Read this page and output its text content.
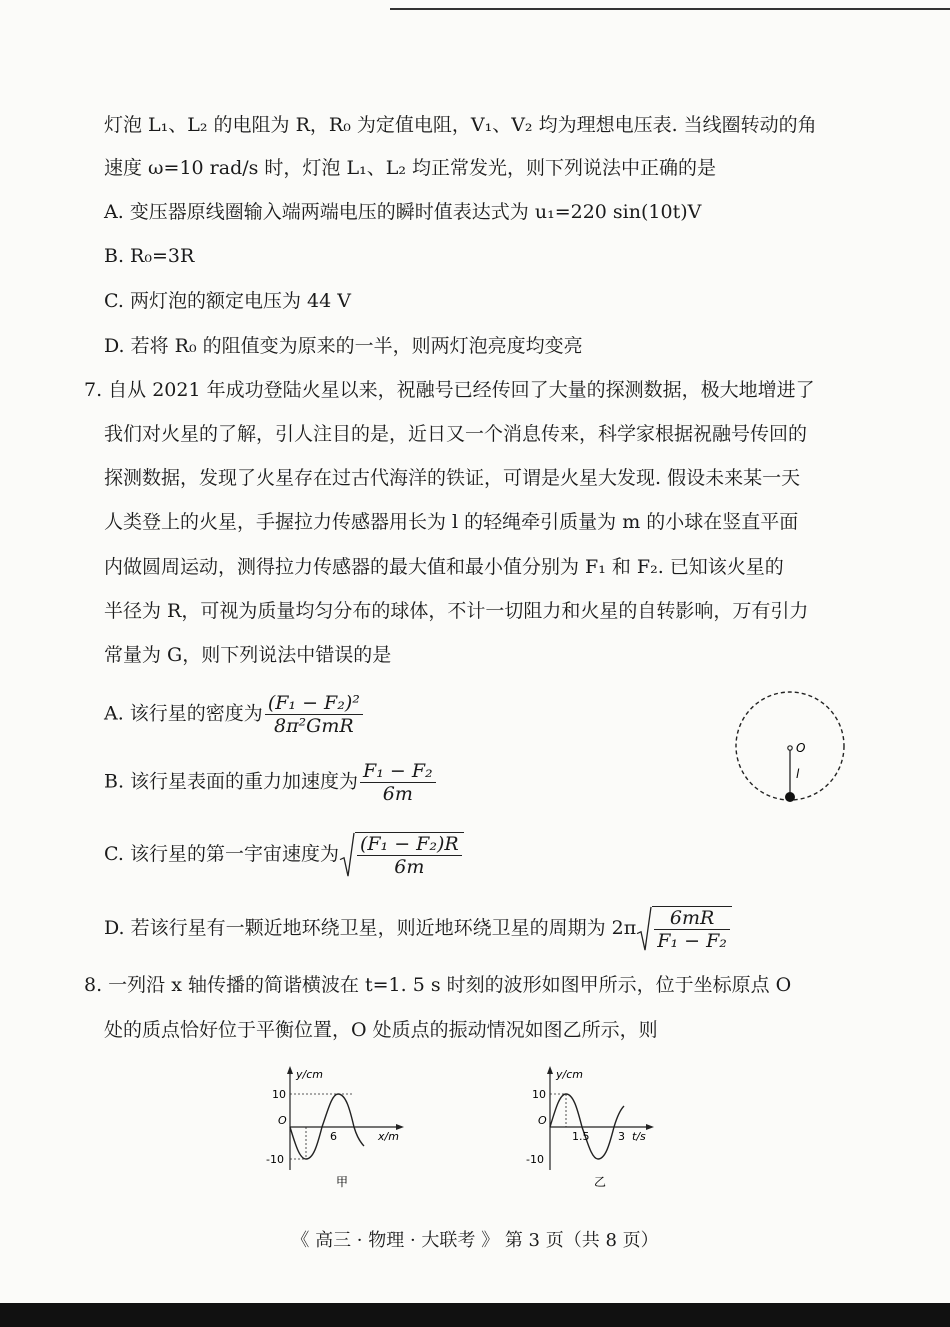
灯泡 L₁、L₂ 的电阻为 R，R₀ 为定值电阻，V₁、V₂ 均为理想电压表. 当线圈转动的角
速度 ω=10 rad/s 时，灯泡 L₁、L₂ 均正常发光，则下列说法中正确的是
A. 变压器原线圈输入端两端电压的瞬时值表达式为 u₁=220 sin(10t)V
B. R₀=3R
C. 两灯泡的额定电压为 44 V
D. 若将 R₀ 的阻值变为原来的一半，则两灯泡亮度均变亮
7. 自从 2021 年成功登陆火星以来，祝融号已经传回了大量的探测数据，极大地增进了
我们对火星的了解，引人注目的是，近日又一个消息传来，科学家根据祝融号传回的
探测数据，发现了火星存在过古代海洋的铁证，可谓是火星大发现. 假设未来某一天
人类登上的火星，手握拉力传感器用长为 l 的轻绳牵引质量为 m 的小球在竖直平面
内做圆周运动，测得拉力传感器的最大值和最小值分别为 F₁ 和 F₂. 已知该火星的
半径为 R，可视为质量均匀分布的球体，不计一切阻力和火星的自转影响，万有引力
常量为 G，则下列说法中错误的是
A. 该行星的密度为 $\frac{\text{(F₁ − F₂)²}}{\text{8π²GmR}}$
B. 该行星表面的重力加速度为 $\frac{\text{F₁ − F₂}}{6m}$
C. 该行星的第一宇宙速度为 $\frac{\text{(F₁ − F₂)R}}{6m}$
D. 若该行星有一颗近地环绕卫星，则近地环绕卫星的周期为 $2\pi \frac{6mR}{\text{F₁ − F₂}}$
O
l
8. 一列沿 x 轴传播的简谐横波在 t=1. 5 s 时刻的波形如图甲所示，位于坐标原点 O
处的质点恰好位于平衡位置，O 处质点的振动情况如图乙所示，则
y/cm
10
-10
O
6	x/m
甲
y/cm
10
-10
O
1.5	3 t/s
乙
《 高三 · 物理 · 大联考 》 第 3 页（共 8 页）
